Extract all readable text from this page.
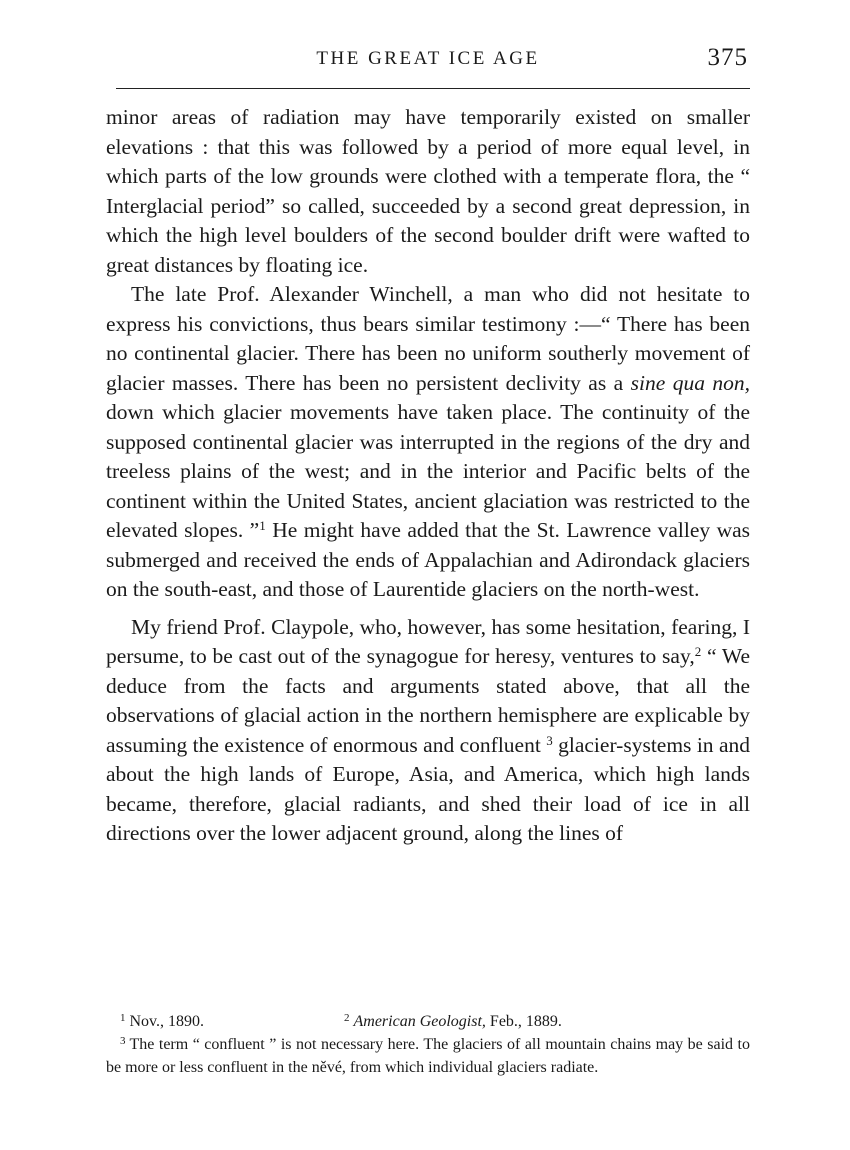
THE GREAT ICE AGE	375

minor areas of radiation may have temporarily existed on smaller elevations : that this was followed by a period of more equal level, in which parts of the low grounds were clothed with a temperate flora, the “ Interglacial period” so called, succeeded by a second great depression, in which the high level boulders of the second boulder drift were wafted to great distances by floating ice.

The late Prof. Alexander Winchell, a man who did not hesitate to express his convictions, thus bears similar testimony :—“ There has been no continental glacier. There has been no uniform southerly movement of glacier masses. There has been no persistent declivity as a sine qua non, down which glacier movements have taken place. The continuity of the supposed continental glacier was interrupted in the regions of the dry and treeless plains of the west; and in the interior and Pacific belts of the continent within the United States, ancient glaciation was restricted to the elevated slopes. ”$^1$ He might have added that the St. Lawrence valley was submerged and received the ends of Appalachian and Adirondack glaciers on the south-east, and those of Laurentide glaciers on the north-west.

My friend Prof. Claypole, who, however, has some hesitation, fearing, I persume, to be cast out of the synagogue for heresy, ventures to say,$^2$ “ We deduce from the facts and arguments stated above, that all the observations of glacial action in the northern hemisphere are explicable by assuming the existence of enormous and confluent $^3$ glacier-systems in and about the high lands of Europe, Asia, and America, which high lands became, therefore, glacial radiants, and shed their load of ice in all directions over the lower adjacent ground, along the lines of

$^1$ Nov., 1890.	$^2$ American Geologist, Feb., 1889.

$^3$ The term “ confluent ” is not necessary here. The glaciers of all mountain chains may be said to be more or less confluent in the něvé, from which individual glaciers radiate.
